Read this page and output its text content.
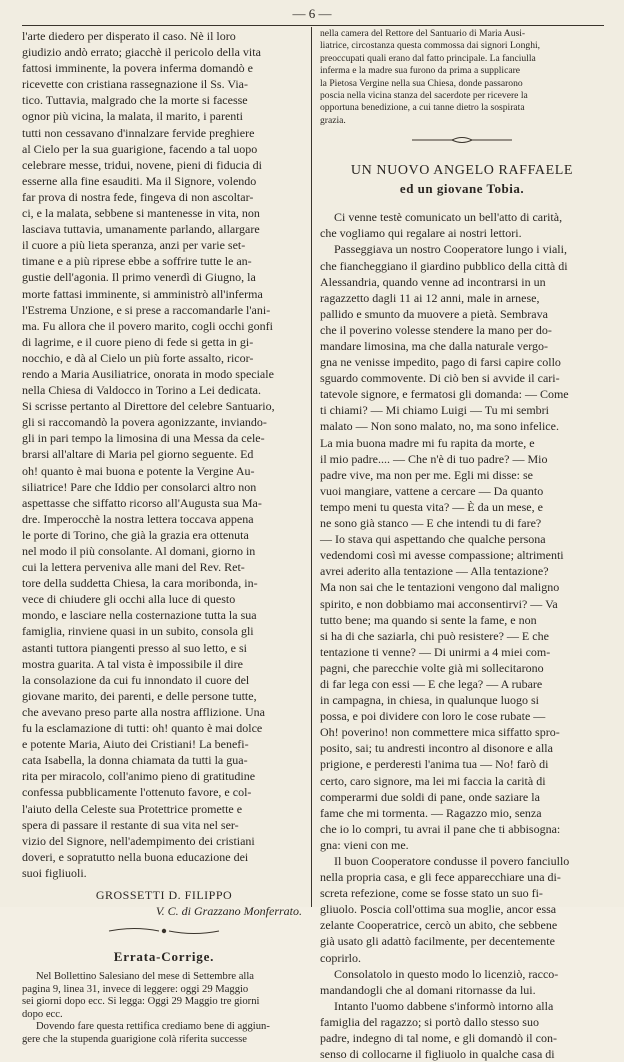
— 6 —

l'arte diedero per disperato il caso. Nè il loro

giudizio andò errato; giacchè il pericolo della vita

fattosi imminente, la povera inferma domandò e

ricevette con cristiana rassegnazione il Ss. Via-

tico. Tuttavia, malgrado che la morte si facesse

ognor più vicina, la malata, il marito, i parenti

tutti non cessavano d'innalzare fervide preghiere

al Cielo per la sua guarigione, facendo a tal uopo

celebrare messe, tridui, novene, pieni di fiducia di

esserne alla fine esauditi. Ma il Signore, volendo

far prova di nostra fede, fingeva di non ascoltar-

ci, e la malata, sebbene si mantenesse in vita, non

lasciava tuttavia, umanamente parlando, allargare

il cuore a più lieta speranza, anzi per varie set-

timane e a più riprese ebbe a soffrire tutte le an-

gustie dell'agonia. Il primo venerdì di Giugno, la

morte fattasi imminente, si amministrò all'inferma

l'Estrema Unzione, e si prese a raccomandarle l'ani-

ma. Fu allora che il povero marito, cogli occhi gonfi

di lagrime, e il cuore pieno di fede si getta in gi-

nocchio, e dà al Cielo un più forte assalto, ricor-

rendo a Maria Ausiliatrice, onorata in modo speciale

nella Chiesa di Valdocco in Torino a Lei dedicata.

Si scrisse pertanto al Direttore del celebre Santuario,

gli si raccomandò la povera agonizzante, inviando-

gli in pari tempo la limosina di una Messa da cele-

brarsi all'altare di Maria pel giorno seguente. Ed

oh! quanto è mai buona e potente la Vergine Au-

siliatrice! Pare che Iddio per consolarci altro non

aspettasse che siffatto ricorso all'Augusta sua Ma-

dre. Imperocchè la nostra lettera toccava appena

le porte di Torino, che già la grazia era ottenuta

nel modo il più consolante. Al domani, giorno in

cui la lettera perveniva alle mani del Rev. Ret-

tore della suddetta Chiesa, la cara moribonda, in-

vece di chiudere gli occhi alla luce di questo

mondo, e lasciare nella costernazione tutta la sua

famiglia, rinviene quasi in un subito, consola gli

astanti tuttora piangenti presso al suo letto, e si

mostra guarita. A tal vista è impossibile il dire

la consolazione da cui fu innondato il cuore del

giovane marito, dei parenti, e delle persone tutte,

che avevano preso parte alla nostra afflizione. Una

fu la esclamazione di tutti: oh! quanto è mai dolce

e potente Maria, Aiuto dei Cristiani! La benefi-

cata Isabella, la donna chiamata da tutti la gua-

rita per miracolo, coll'animo pieno di gratitudine

confessa pubblicamente l'ottenuto favore, e col-

l'aiuto della Celeste sua Protettrice promette e

spera di passare il restante di sua vita nel ser-

vizio del Signore, nell'adempimento dei cristiani

doveri, e sopratutto nella buona educazione dei

suoi figliuoli.

GROSSETTI D. FILIPPO
V. C. di Grazzano Monferrato.
Errata-Corrige.

Nel Bollettino Salesiano del mese di Settembre alla

pagina 9, linea 31, invece di leggere: oggi 29 Maggio

sei giorni dopo ecc. Si legga: Oggi 29 Maggio tre giorni

dopo ecc.

Dovendo fare questa rettifica crediamo bene di aggiun-

gere che la stupenda guarigione colà riferita successe

nella camera del Rettore del Santuario di Maria Ausi-

liatrice, circostanza questa commossa dai signori Longhi,

preoccupati quali erano dal fatto principale. La fanciulla

inferma e la madre sua furono da prima a supplicare

la Pietosa Vergine nella sua Chiesa, donde passarono

poscia nella vicina stanza del sacerdote per ricevere la

opportuna benedizione, a cui tanne dietro la sospirata

grazia.

UN NUOVO ANGELO RAFFAELE
ed un giovane Tobia.

Ci venne testè comunicato un bell'atto di carità,

che vogliamo qui regalare ai nostri lettori.

Passeggiava un nostro Cooperatore lungo i viali,

che fiancheggiano il giardino pubblico della città di

Alessandria, quando venne ad incontrarsi in un

ragazzetto dagli 11 ai 12 anni, male in arnese,

pallido e smunto da muovere a pietà. Sembrava

che il poverino volesse stendere la mano per do-

mandare limosina, ma che dalla naturale vergo-

gna ne venisse impedito, pago di farsi capire collo

sguardo commovente. Di ciò ben si avvide il cari-

tatevole signore, e fermatosi gli domanda: — Come

ti chiami? — Mi chiamo Luigi — Tu mi sembri

malato — Non sono malato, no, ma sono infelice.

La mia buona madre mi fu rapita da morte, e

il mio padre.... — Che n'è di tuo padre? — Mio

padre vive, ma non per me. Egli mi disse: se

vuoi mangiare, vattene a cercare — Da quanto

tempo meni tu questa vita? — È da un mese, e

ne sono già stanco — E che intendi tu di fare?

— Io stava qui aspettando che qualche persona

vedendomi così mi avesse compassione; altrimenti

avrei aderito alla tentazione — Alla tentazione?

Ma non sai che le tentazioni vengono dal maligno

spirito, e non dobbiamo mai acconsentirvi? — Va

tutto bene; ma quando si sente la fame, e non

si ha di che saziarla, chi può resistere? — E che

tentazione ti venne? — Di unirmi a 4 miei com-

pagni, che parecchie volte già mi sollecitarono

di far lega con essi — E che lega? — A rubare

in campagna, in chiesa, in qualunque luogo si

possa, e poi dividere con loro le cose rubate —

Oh! poverino! non commettere mica siffatto spro-

posito, sai; tu andresti incontro al disonore e alla

prigione, e perderesti l'anima tua — No! farò di

certo, caro signore, ma lei mi faccia la carità di

comperarmi due soldi di pane, onde saziare la

fame che mi tormenta. — Ragazzo mio, senza

che io lo compri, tu avrai il pane che ti abbisogna:

gna: vieni con me.

Il buon Cooperatore condusse il povero fanciullo

nella propria casa, e gli fece apparecchiare una di-

screta refezione, come se fosse stato un suo fi-

gliuolo. Poscia coll'ottima sua moglie, ancor essa

zelante Cooperatrice, cercò un abito, che sebbene

già usato gli adattò facilmente, per decentemente

coprirlo.

Consolatolo in questo modo lo licenziò, racco-

mandandogli che al domani ritornasse da lui.

Intanto l'uomo dabbene s'informò intorno alla

famiglia del ragazzo; si portò dallo stesso suo

padre, indegno di tal nome, e gli domandò il con-

senso di collocarne il figliuolo in qualche casa di
